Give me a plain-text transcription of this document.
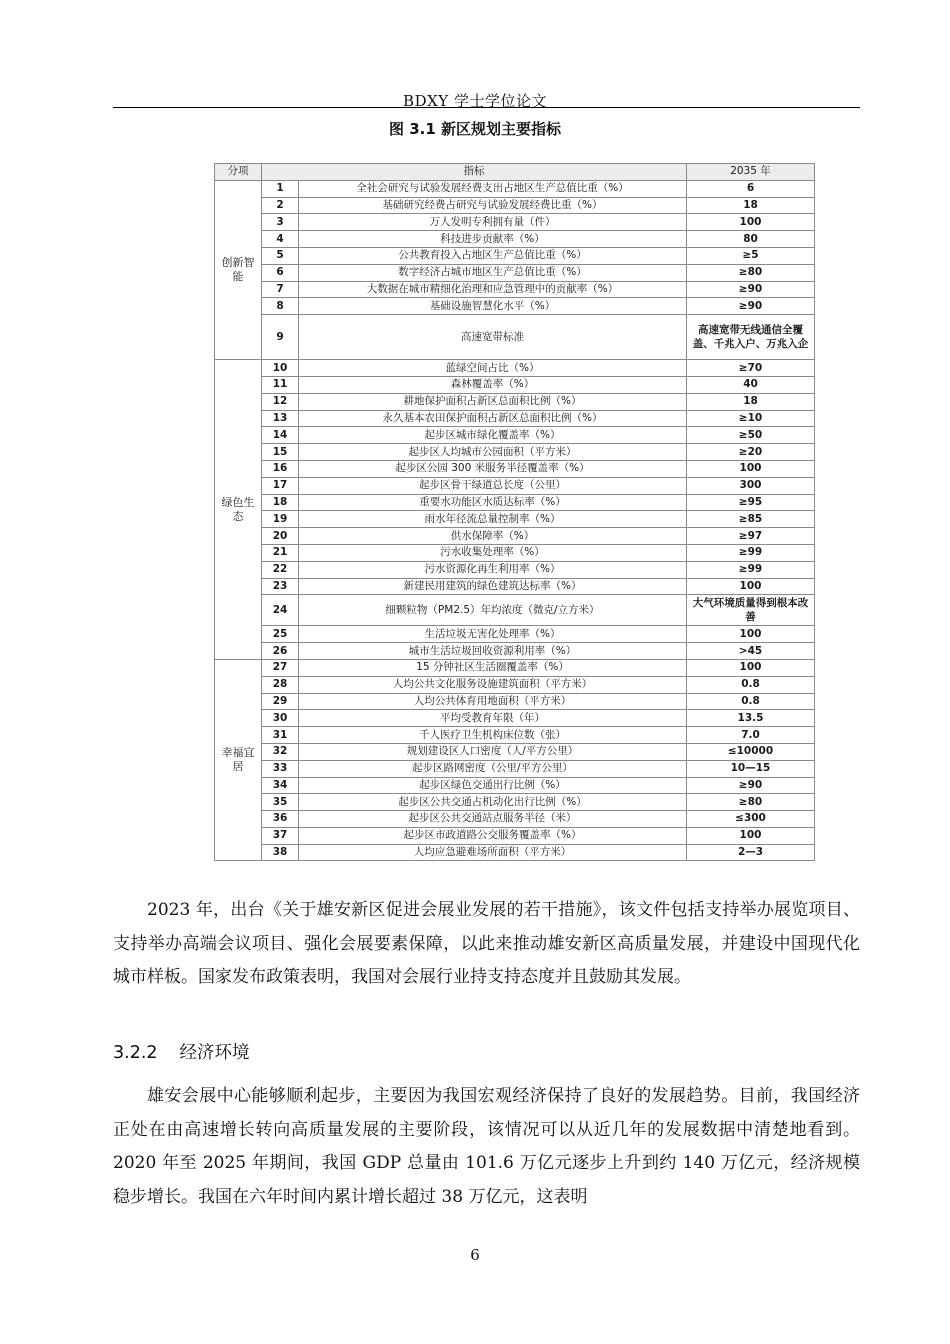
BDXY 学士学位论文
图 3.1 新区规划主要指标
分项	指标		2035 年
创新智能	1	全社会研究与试验发展经费支出占地区生产总值比重（%）	6
	2	基础研究经费占研究与试验发展经费比重（%）	18
	3	万人发明专利拥有量（件）	100
	4	科技进步贡献率（%）	80
	5	公共教育投入占地区生产总值比重（%）	≥5
	6	数字经济占城市地区生产总值比重（%）	≥80
	7	大数据在城市精细化治理和应急管理中的贡献率（%）	≥90
	8	基础设施智慧化水平（%）	≥90
	9	高速宽带标准	高速宽带无线通信全覆盖、千兆入户、万兆入企
绿色生态	10	蓝绿空间占比（%）	≥70
	11	森林覆盖率（%）	40
	12	耕地保护面积占新区总面积比例（%）	18
	13	永久基本农田保护面积占新区总面积比例（%）	≥10
	14	起步区城市绿化覆盖率（%）	≥50
	15	起步区人均城市公园面积（平方米）	≥20
	16	起步区公园 300 米服务半径覆盖率（%）	100
	17	起步区骨干绿道总长度（公里）	300
	18	重要水功能区水质达标率（%）	≥95
	19	雨水年径流总量控制率（%）	≥85
	20	供水保障率（%）	≥97
	21	污水收集处理率（%）	≥99
	22	污水资源化再生利用率（%）	≥99
	23	新建民用建筑的绿色建筑达标率（%）	100
	24	细颗粒物（PM2.5）年均浓度（微克/立方米）	大气环境质量得到根本改善
	25	生活垃圾无害化处理率（%）	100
	26	城市生活垃圾回收资源利用率（%）	>45
幸福宜居	27	15 分钟社区生活圈覆盖率（%）	100
	28	人均公共文化服务设施建筑面积（平方米）	0.8
	29	人均公共体育用地面积（平方米）	0.8
	30	平均受教育年限（年）	13.5
	31	千人医疗卫生机构床位数（张）	7.0
	32	规划建设区人口密度（人/平方公里）	≤10000
	33	起步区路网密度（公里/平方公里）	10—15
	34	起步区绿色交通出行比例（%）	≥90
	35	起步区公共交通占机动化出行比例（%）	≥80
	36	起步区公共交通站点服务半径（米）	≤300
	37	起步区市政道路公交服务覆盖率（%）	100
	38	人均应急避难场所面积（平方米）	2—3

2023 年，出台《关于雄安新区促进会展业发展的若干措施》，该文件包括支持举办展览项目、支持举办高端会议项目、强化会展要素保障，以此来推动雄安新区高质量发展，并建设中国现代化城市样板。国家发布政策表明，我国对会展行业持支持态度并且鼓励其发展。

3.2.2 经济环境

雄安会展中心能够顺利起步，主要因为我国宏观经济保持了良好的发展趋势。目前，我国经济正处在由高速增长转向高质量发展的主要阶段，该情况可以从近几年的发展数据中清楚地看到。2020 年至 2025 年期间，我国 GDP 总量由 101.6 万亿元逐步上升到约 140 万亿元，经济规模稳步增长。我国在六年时间内累计增长超过 38 万亿元，这表明

6
